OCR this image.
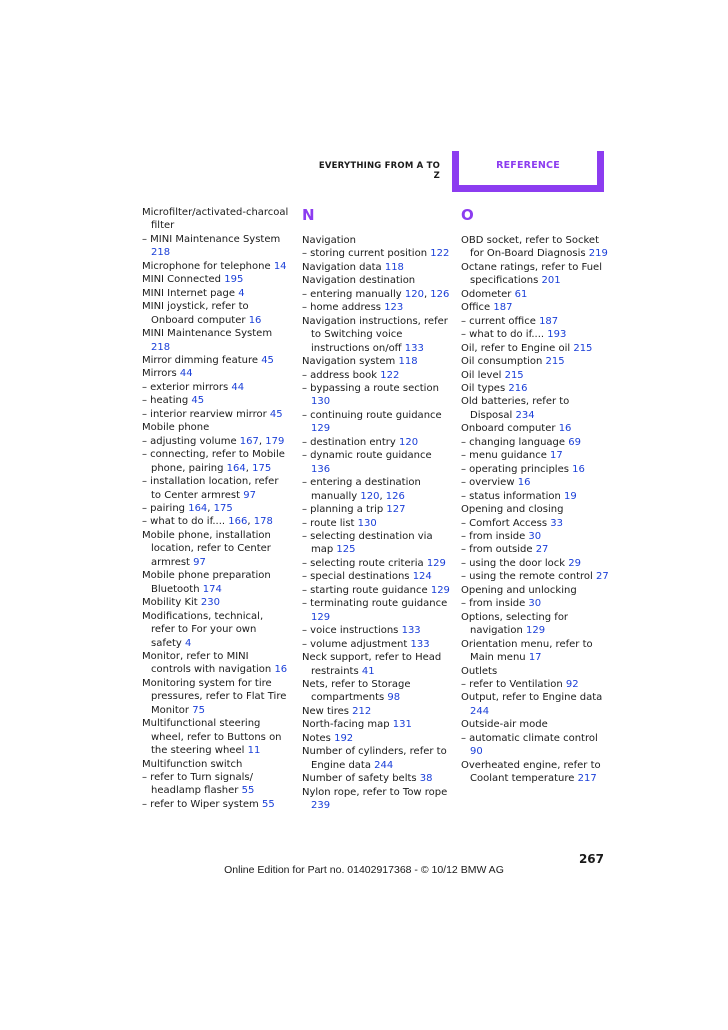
EVERYTHING FROM A TO Z
REFERENCE
Microfilter/activated-charcoal filter
– MINI Maintenance System 218
Microphone for telephone 14
MINI Connected 195
MINI Internet page 4
MINI joystick, refer to Onboard computer 16
MINI Maintenance System 218
Mirror dimming feature 45
Mirrors 44
– exterior mirrors 44
– heating 45
– interior rearview mirror 45
Mobile phone
– adjusting volume 167, 179
– connecting, refer to Mobile phone, pairing 164, 175
– installation location, refer to Center armrest 97
– pairing 164, 175
– what to do if.... 166, 178
Mobile phone, installation location, refer to Center armrest 97
Mobile phone preparation Bluetooth 174
Mobility Kit 230
Modifications, technical, refer to For your own safety 4
Monitor, refer to MINI controls with navigation 16
Monitoring system for tire pressures, refer to Flat Tire Monitor 75
Multifunctional steering wheel, refer to Buttons on the steering wheel 11
Multifunction switch
– refer to Turn signals/ headlamp flasher 55
– refer to Wiper system 55
N
Navigation
– storing current position 122
Navigation data 118
Navigation destination
– entering manually 120, 126
– home address 123
Navigation instructions, refer to Switching voice instructions on/off 133
Navigation system 118
– address book 122
– bypassing a route section 130
– continuing route guidance 129
– destination entry 120
– dynamic route guidance 136
– entering a destination manually 120, 126
– planning a trip 127
– route list 130
– selecting destination via map 125
– selecting route criteria 129
– special destinations 124
– starting route guidance 129
– terminating route guidance 129
– voice instructions 133
– volume adjustment 133
Neck support, refer to Head restraints 41
Nets, refer to Storage compartments 98
New tires 212
North-facing map 131
Notes 192
Number of cylinders, refer to Engine data 244
Number of safety belts 38
Nylon rope, refer to Tow rope 239
O
OBD socket, refer to Socket for On-Board Diagnosis 219
Octane ratings, refer to Fuel specifications 201
Odometer 61
Office 187
– current office 187
– what to do if.... 193
Oil, refer to Engine oil 215
Oil consumption 215
Oil level 215
Oil types 216
Old batteries, refer to Disposal 234
Onboard computer 16
– changing language 69
– menu guidance 17
– operating principles 16
– overview 16
– status information 19
Opening and closing
– Comfort Access 33
– from inside 30
– from outside 27
– using the door lock 29
– using the remote control 27
Opening and unlocking
– from inside 30
Options, selecting for navigation 129
Orientation menu, refer to Main menu 17
Outlets
– refer to Ventilation 92
Output, refer to Engine data 244
Outside-air mode
– automatic climate control 90
Overheated engine, refer to Coolant temperature 217
267
Online Edition for Part no. 01402917368 - © 10/12 BMW AG
